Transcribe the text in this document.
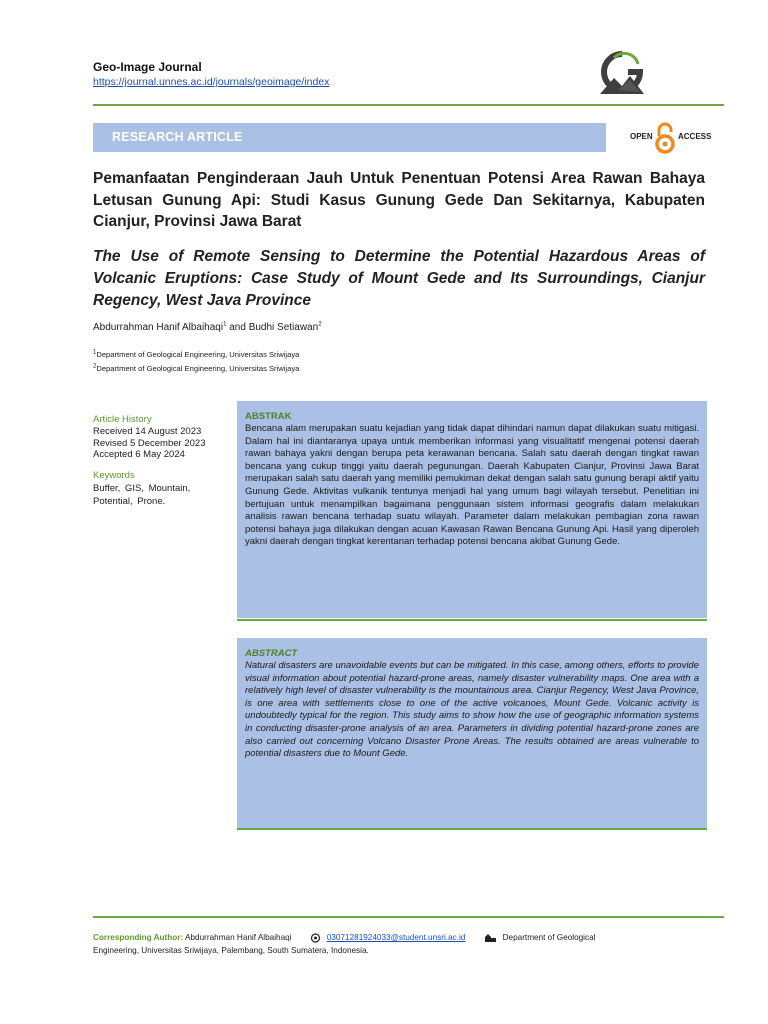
Geo-Image Journal
https://journal.unnes.ac.id/journals/geoimage/index
RESEARCH ARTICLE	OPEN	ACCESS
Pemanfaatan Penginderaan Jauh Untuk Penentuan Potensi Area Rawan Bahaya Letusan Gunung Api: Studi Kasus Gunung Gede Dan Sekitarnya, Kabupaten Cianjur, Provinsi Jawa Barat
The Use of Remote Sensing to Determine the Potential Hazardous Areas of Volcanic Eruptions: Case Study of Mount Gede and Its Surroundings, Cianjur Regency, West Java Province
Abdurrahman Hanif Albaihaqi$^1$ and Budhi Setiawan$^2$
$^1$Department of Geological Engineering, Universitas Sriwijaya
$^2$Department of Geological Engineering, Universitas Sriwijaya
Article History
Received 14 August 2023
Revised 5 December 2023
Accepted 6 May 2024
Keywords
Buffer, GIS, Mountain, Potential, Prone.
ABSTRAK
Bencana alam merupakan suatu kejadian yang tidak dapat dihindari namun dapat dilakukan suatu mitigasi. Dalam hal ini diantaranya upaya untuk memberikan informasi yang visualitatif mengenai potensi daerah rawan bahaya yakni dengan berupa peta kerawanan bencana. Salah satu daerah dengan tingkat rawan bencana yang cukup tinggi yaitu daerah pegunungan. Daerah Kabupaten Cianjur, Provinsi Jawa Barat merupakan salah satu daerah yang memiliki pemukiman dekat dengan salah satu gunung berapi aktif yaitu Gunung Gede. Aktivitas vulkanik tentunya menjadi hal yang umum bagi wilayah tersebut. Penelitian ini bertujuan untuk menampilkan bagaimana penggunaan sistem informasi geografis dalam melakukan analisis rawan bencana terhadap suatu wilayah. Parameter dalam melakukan pembagian zona rawan potensi bahaya juga dilakukan dengan acuan Kawasan Rawan Bencana Gunung Api. Hasil yang diperoleh yakni daerah dengan tingkat kerentanan terhadap potensi bencana akibat Gunung Gede.
ABSTRACT
Natural disasters are unavoidable events but can be mitigated. In this case, among others, efforts to provide visual information about potential hazard-prone areas, namely disaster vulnerability maps. One area with a relatively high level of disaster vulnerability is the mountainous area. Cianjur Regency, West Java Province, is one area with settlements close to one of the active volcanoes, Mount Gede. Volcanic activity is undoubtedly typical for the region. This study aims to show how the use of geographic information systems in conducting disaster-prone analysis of an area. Parameters in dividing potential hazard-prone zones are also carried out concerning Volcano Disaster Prone Areas. The results obtained are areas vulnerable to potential disasters due to Mount Gede.
Corresponding Author: Abdurrahman Hanif Albaihaqi	03071281924033@student.unsri.ac.id	Department of Geological
Engineering, Universitas Sriwijaya, Palembang, South Sumatera, Indonesia.
